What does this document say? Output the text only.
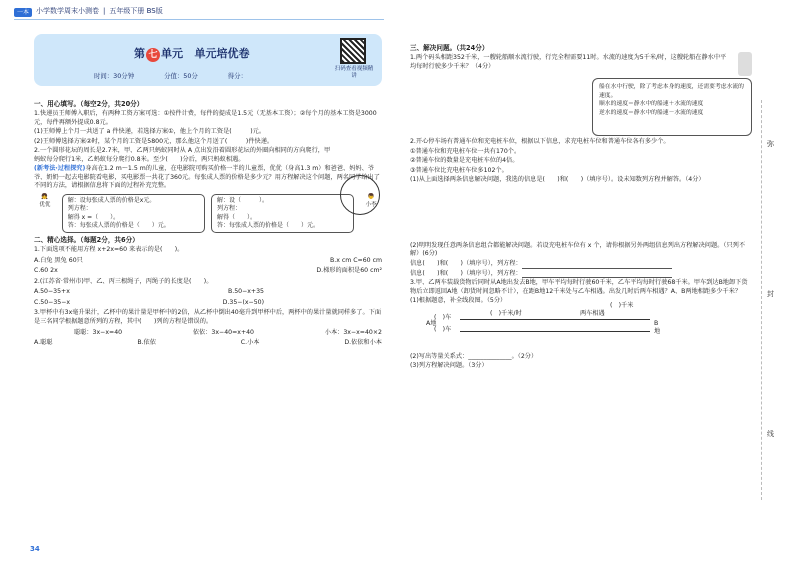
一本	小学数学周末小测卷 | 五年级下册 BS版
第 七 单元 单元培优卷
时间：30分钟	分值：50分	得分：
扫码查看视频精讲
一、用心填写。（每空2分，共20分）

1.快递员王师傅入职后，有两种工资方案可选：①按件计费，每件的提成是1.5元（无基本工资）；②每个月的基本工资是3000元，每件再额外提成0.8元。

(1)王师傅上个月一共送了 a 件快递，若选择方案①，他上个月的工资是(　　　)元。

(2)王师傅选择方案②时，某个月的工资是5800元，那么他这个月送了(　　　)件快递。

2.一个圆形花坛的周长是2.7米，甲、乙两只蚂蚁同时从 A 点出发沿着圆形花坛的外圈向相同的方向爬行，甲蚂蚁每分爬行1米，乙蚂蚁每分爬行0.8米。至少(　　)分后，两只蚂蚁相遇。

(新考法·过程探究)身高在1.2 m～1.5 m的儿童，在电影院可购买价格一半的儿童票，优优（身高1.3 m）和爸爸、妈妈、爷爷、奶奶一起去电影院看电影，买电影票一共花了360元。每张成人票的价格是多少元？用方程解决这个问题，两名同学给出了不同的方法，请根据信息将下面的过程补充完整。

👧
优优
解：设每张成人票的价格是x元。
列方程：
解得 x =（　　）。
答：每张成人票的价格是（　　）元。
解：设（　　　）。
列方程：
解得（　　）。
答：每张成人票的价格是（　　）元。
👦
小李
二、精心选择。（每题2分，共6分）

1.下面选项不能用方程 x+2x=60 来表示的是(　　)。

A.白兔 黑兔 60只	B.x cm C=60 cm
C.60 2x	D.梯形的面积是60 cm²

2.(江苏省·常州市)甲、乙、丙三根绳子，丙绳子的长度是(　　)。

A.50−35+x	B.50−x+35
C.50−35−x	D.35−(x−50)

3.甲杯中有3x毫升果汁，乙杯中的果汁量是甲杯中的2倍，从乙杯中倒出40毫升到甲杯中后，两杯中的果汁量就同样多了。下面是三名同学根据题意所列的方程，其中(　　)列的方程是错误的。

聪聪：3x−x=40	依依：3x−40=x+40	小本：3x−x=40×2
A.聪聪	B.依依	C.小本	D.依依和小本
34
三、解决问题。（共24分）

1.两个码头相距352千米，一艘轮船顺水流行驶，行完全程需要11时。水流的速度为5千米/时，这艘轮船在静水中平均每时行驶多少千米？（4分）

2.开心停车场有普通车位和充电桩车位，根据以下信息，求充电桩车位和普通车位各有多少个。

①普通车位和充电桩车位一共有170个。

②普通车位的数量是充电桩车位的4倍。

③普通车位比充电桩车位多102个。

(1)从上面选择两条信息解决问题，我选的信息是(　　)和(　　)（填序号）。设未知数列方程并解答。（4分）

(2)明明发现任意两条信息组合都能解决问题。若设充电桩车位有 x 个，请你根据另外两组信息列出方程解决问题。（只列不解）(6分)

信息(　　)和(　　)（填序号），列方程：

信息(　　)和(　　)（填序号），列方程：

3.甲、乙两车装载货物后同时从A地出发去B地，甲车平均每时行驶60千米，乙车平均每时行驶68千米。甲车到达B地卸下货物后立即返回A地（卸货时间忽略不计），在距B地12千米处与乙车相遇。出发几时后两车相遇？A、B两地相距多少千米？

(1)根据题意，补全线段图。（5分）

(　)车
(　)车
A地	B地
(　)千米/时	两车相遇
(　)千米

(2)写出等量关系式：______________。（2分）

(3)列方程解决问题。（3分）

船在水中行驶，除了考虑本身的速度，还需要考虑水流的速度。
顺水的速度＝静水中的船速＋水流的速度
逆水的速度＝静水中的船速－水流的速度
弥
封
线
